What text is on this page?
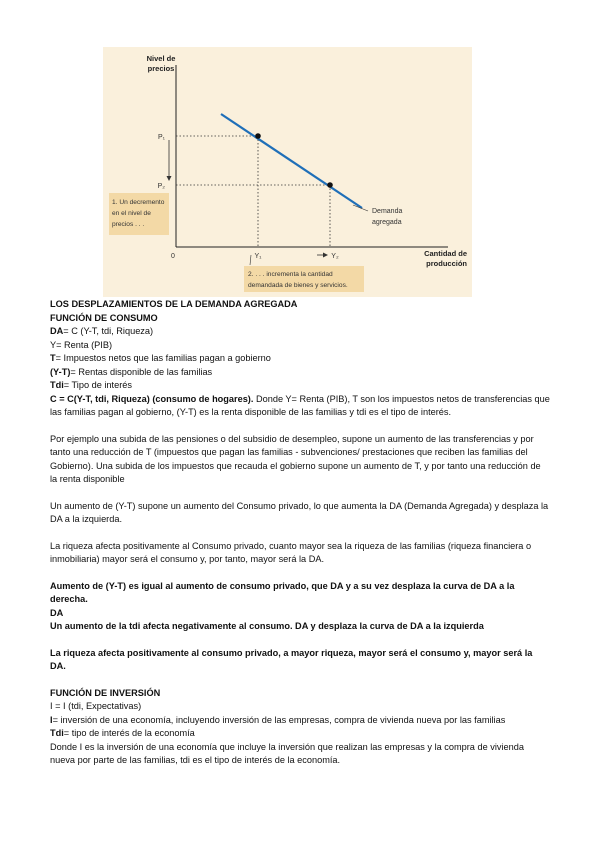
Nivel de
precios
Cantidad de
producción
0
P₁
P₂
Y₁	Y₂
Demanda
agregada
1. Un decremento
en el nivel de
precios . . .
2. . . . incrementa la cantidad
demandada de bienes y servicios.

LOS DESPLAZAMIENTOS DE LA DEMANDA AGREGADA

FUNCIÓN DE CONSUMO

DA= C (Y-T, tdi, Riqueza)

Y= Renta (PIB)

T= Impuestos netos que las familias pagan a gobierno

(Y-T)= Rentas disponible de las familias

Tdi= Tipo de interés

C = C(Y-T, tdi, Riqueza) (consumo de hogares). Donde Y= Renta (PIB), T son los impuestos netos de transferencias que las familias pagan al gobierno, (Y-T) es la renta disponible de las familias y tdi es el tipo de interés.

Por ejemplo una subida de las pensiones o del subsidio de desempleo, supone un aumento de las transferencias y por tanto una reducción de T (impuestos que pagan las familias - subvenciones/ prestaciones que reciben las familias del Gobierno). Una subida de los impuestos que recauda el gobierno supone un aumento de T, y por tanto una reducción de la renta disponible

Un aumento de (Y-T) supone un aumento del Consumo privado, lo que aumenta la DA (Demanda Agregada) y desplaza la DA a la izquierda.

La riqueza afecta positivamente al Consumo privado, cuanto mayor sea la riqueza de las familias (riqueza financiera o inmobiliaria) mayor será el consumo y, por tanto, mayor será la DA.

Aumento de (Y-T) es igual al aumento de consumo privado, que DA y a su vez desplaza la curva de DA a la derecha.

DA

Un aumento de la tdi afecta negativamente al consumo. DA y desplaza la curva de DA a la izquierda

La riqueza afecta positivamente al consumo privado, a mayor riqueza, mayor será el consumo y, mayor será la DA.

FUNCIÓN DE INVERSIÓN

I = I (tdi, Expectativas)

I= inversión de una economía, incluyendo inversión de las empresas, compra de vivienda nueva por las familias

Tdi= tipo de interés de la economía

Donde I es la inversión de una economía que incluye la inversión que realizan las empresas y la compra de vivienda nueva por parte de las familias, tdi es el tipo de interés de la economía.
